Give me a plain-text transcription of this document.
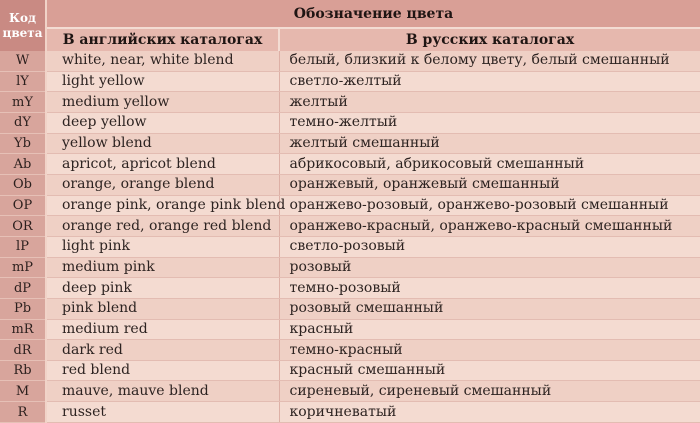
Код цвета	Обозначение цвета	
	В английских каталогах	В русских каталогах
W	white, near, white blend	белый, близкий к белому цвету, белый смешанный
lY	light yellow	светло-желтый
mY	medium yellow	желтый
dY	deep yellow	темно-желтый
Yb	yellow blend	желтый смешанный
Ab	apricot, apricot blend	абрикосовый, абрикосовый смешанный
Ob	orange, orange blend	оранжевый, оранжевый смешанный
OP	orange pink, orange pink blend	оранжево-розовый, оранжево-розовый смешанный
OR	orange red, orange red blend	оранжево-красный, оранжево-красный смешанный
lP	light pink	светло-розовый
mP	medium pink	розовый
dP	deep pink	темно-розовый
Pb	pink blend	розовый смешанный
mR	medium red	красный
dR	dark red	темно-красный
Rb	red blend	красный смешанный
M	mauve, mauve blend	сиреневый, сиреневый смешанный
R	russet	коричневатый
